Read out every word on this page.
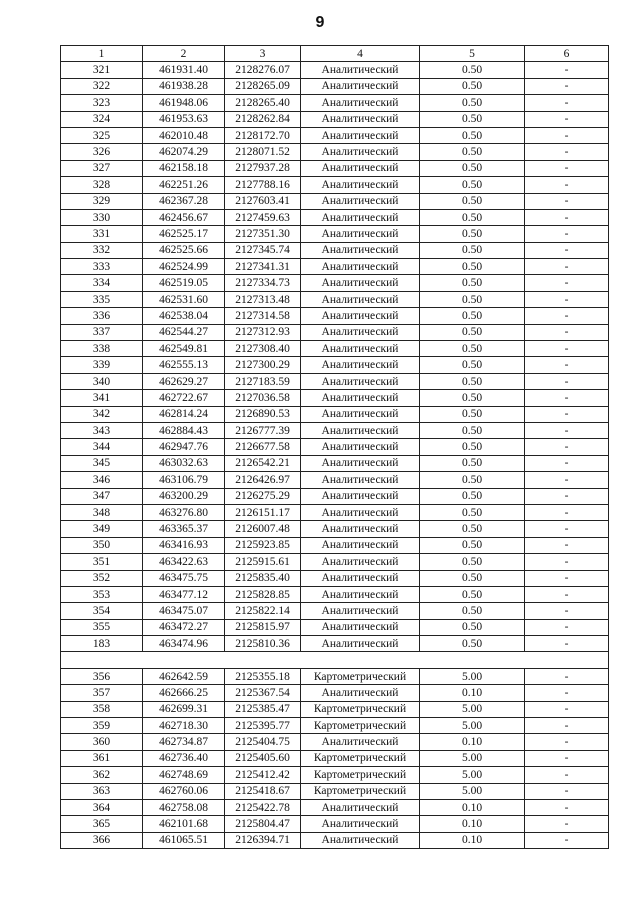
9
1	2	3	4	5	6
321	461931.40	2128276.07	Аналитический	0.50	-
322	461938.28	2128265.09	Аналитический	0.50	-
323	461948.06	2128265.40	Аналитический	0.50	-
324	461953.63	2128262.84	Аналитический	0.50	-
325	462010.48	2128172.70	Аналитический	0.50	-
326	462074.29	2128071.52	Аналитический	0.50	-
327	462158.18	2127937.28	Аналитический	0.50	-
328	462251.26	2127788.16	Аналитический	0.50	-
329	462367.28	2127603.41	Аналитический	0.50	-
330	462456.67	2127459.63	Аналитический	0.50	-
331	462525.17	2127351.30	Аналитический	0.50	-
332	462525.66	2127345.74	Аналитический	0.50	-
333	462524.99	2127341.31	Аналитический	0.50	-
334	462519.05	2127334.73	Аналитический	0.50	-
335	462531.60	2127313.48	Аналитический	0.50	-
336	462538.04	2127314.58	Аналитический	0.50	-
337	462544.27	2127312.93	Аналитический	0.50	-
338	462549.81	2127308.40	Аналитический	0.50	-
339	462555.13	2127300.29	Аналитический	0.50	-
340	462629.27	2127183.59	Аналитический	0.50	-
341	462722.67	2127036.58	Аналитический	0.50	-
342	462814.24	2126890.53	Аналитический	0.50	-
343	462884.43	2126777.39	Аналитический	0.50	-
344	462947.76	2126677.58	Аналитический	0.50	-
345	463032.63	2126542.21	Аналитический	0.50	-
346	463106.79	2126426.97	Аналитический	0.50	-
347	463200.29	2126275.29	Аналитический	0.50	-
348	463276.80	2126151.17	Аналитический	0.50	-
349	463365.37	2126007.48	Аналитический	0.50	-
350	463416.93	2125923.85	Аналитический	0.50	-
351	463422.63	2125915.61	Аналитический	0.50	-
352	463475.75	2125835.40	Аналитический	0.50	-
353	463477.12	2125828.85	Аналитический	0.50	-
354	463475.07	2125822.14	Аналитический	0.50	-
355	463472.27	2125815.97	Аналитический	0.50	-
183	463474.96	2125810.36	Аналитический	0.50	-

356	462642.59	2125355.18	Картометрический	5.00	-
357	462666.25	2125367.54	Аналитический	0.10	-
358	462699.31	2125385.47	Картометрический	5.00	-
359	462718.30	2125395.77	Картометрический	5.00	-
360	462734.87	2125404.75	Аналитический	0.10	-
361	462736.40	2125405.60	Картометрический	5.00	-
362	462748.69	2125412.42	Картометрический	5.00	-
363	462760.06	2125418.67	Картометрический	5.00	-
364	462758.08	2125422.78	Аналитический	0.10	-
365	462101.68	2125804.47	Аналитический	0.10	-
366	461065.51	2126394.71	Аналитический	0.10	-
